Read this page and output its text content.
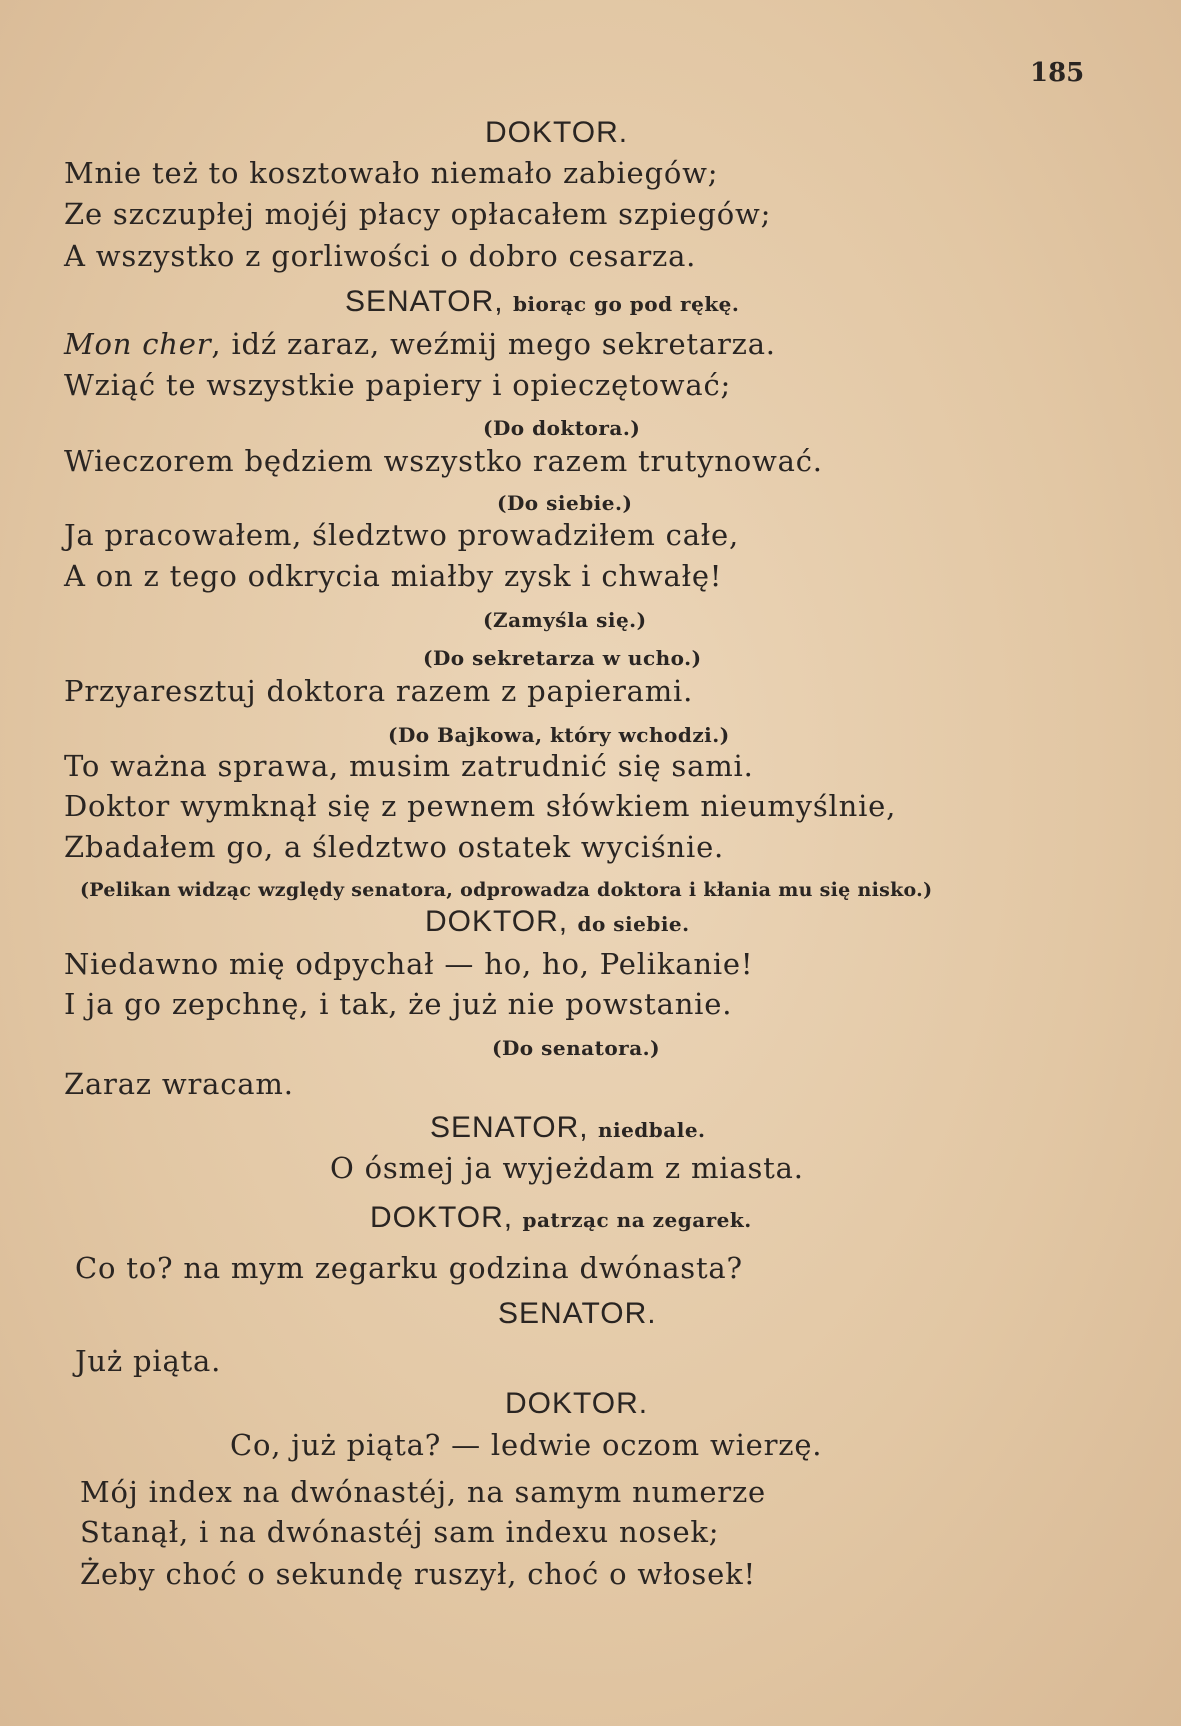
185
DOKTOR.
Mnie też to kosztowało niemało zabiegów;
Ze szczupłej mojéj płacy opłacałem szpiegów;
A wszystko z gorliwości o dobro cesarza.
SENATOR, biorąc go pod rękę.
Mon cher, idź zaraz, weźmij mego sekretarza.
Wziąć te wszystkie papiery i opieczętować;
(Do doktora.)
Wieczorem będziem wszystko razem trutynować.
(Do siebie.)
Ja pracowałem, śledztwo prowadziłem całe,
A on z tego odkrycia miałby zysk i chwałę!
(Zamyśla się.)
(Do sekretarza w ucho.)
Przyaresztuj doktora razem z papierami.
(Do Bajkowa, który wchodzi.)
To ważna sprawa, musim zatrudnić się sami.
Doktor wymknął się z pewnem słówkiem nieumyślnie,
Zbadałem go, a śledztwo ostatek wyciśnie.
(Pelikan widząc względy senatora, odprowadza doktora i kłania mu się nisko.)
DOKTOR, do siebie.
Niedawno mię odpychał — ho, ho, Pelikanie!
I ja go zepchnę, i tak, że już nie powstanie.
(Do senatora.)
Zaraz wracam.
SENATOR, niedbale.
O ósmej ja wyjeżdam z miasta.
DOKTOR, patrząc na zegarek.
Co to? na mym zegarku godzina dwónasta?
SENATOR.
Już piąta.
DOKTOR.
Co, już piąta? — ledwie oczom wierzę.
Mój index na dwónastéj, na samym numerze
Stanął, i na dwónastéj sam indexu nosek;
Żeby choć o sekundę ruszył, choć o włosek!
